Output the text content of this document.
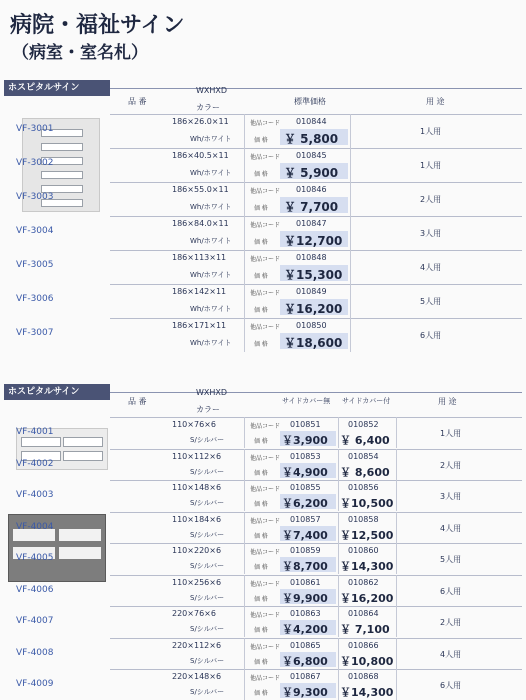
病院・福祉サイン
（病室・室名札）
ホスピタルサイン
品 番
WXHXD
カラー
標準価格	用 途
VF-3001
186×26.0×11
Wh/ホワイト
他品コード
価 格
010844
￥ 5,800
1人用
VF-3002
186×40.5×11
Wh/ホワイト
他品コード
価 格
010845
￥ 5,900
1人用
VF-3003
186×55.0×11
Wh/ホワイト
他品コード
価 格
010846
￥ 7,700
2人用
VF-3004
186×84.0×11
Wh/ホワイト
他品コード
価 格
010847
￥12,700
3人用
VF-3005
186×113×11
Wh/ホワイト
他品コード
価 格
010848
￥15,300
4人用
VF-3006
186×142×11
Wh/ホワイト
他品コード
価 格
010849
￥16,200
5人用
VF-3007
186×171×11
Wh/ホワイト
他品コード
価 格
010850
￥18,600
6人用
ホスピタルサイン
品 番
WXHXD
カラー
サイドカバー無 サイドカバー付	用 途
VF-4001
110×76×6
S/シルバー
他品コード
価 格
010851
￥3,900
010852
￥ 6,400
1人用
VF-4002
110×112×6
S/シルバー
他品コード
価 格
010853
￥4,900
010854
￥ 8,600
2人用
VF-4003
110×148×6
S/シルバー
他品コード
価 格
010855
￥6,200
010856
￥10,500
3人用
VF-4004
110×184×6
S/シルバー
他品コード
価 格
010857
￥7,400
010858
￥12,500
4人用
VF-4005
110×220×6
S/シルバー
他品コード
価 格
010859
￥8,700
010860
￥14,300
5人用
VF-4006
110×256×6
S/シルバー
他品コード
価 格
010861
￥9,900
010862
￥16,200
6人用
VF-4007
220×76×6
S/シルバー
他品コード
価 格
010863
￥4,200
010864
￥ 7,100
2人用
VF-4008
220×112×6
S/シルバー
他品コード
価 格
010865
￥6,800
010866
￥10,800
4人用
VF-4009
220×148×6
S/シルバー
他品コード
価 格
010867
￥9,300
010868
￥14,300
6人用
